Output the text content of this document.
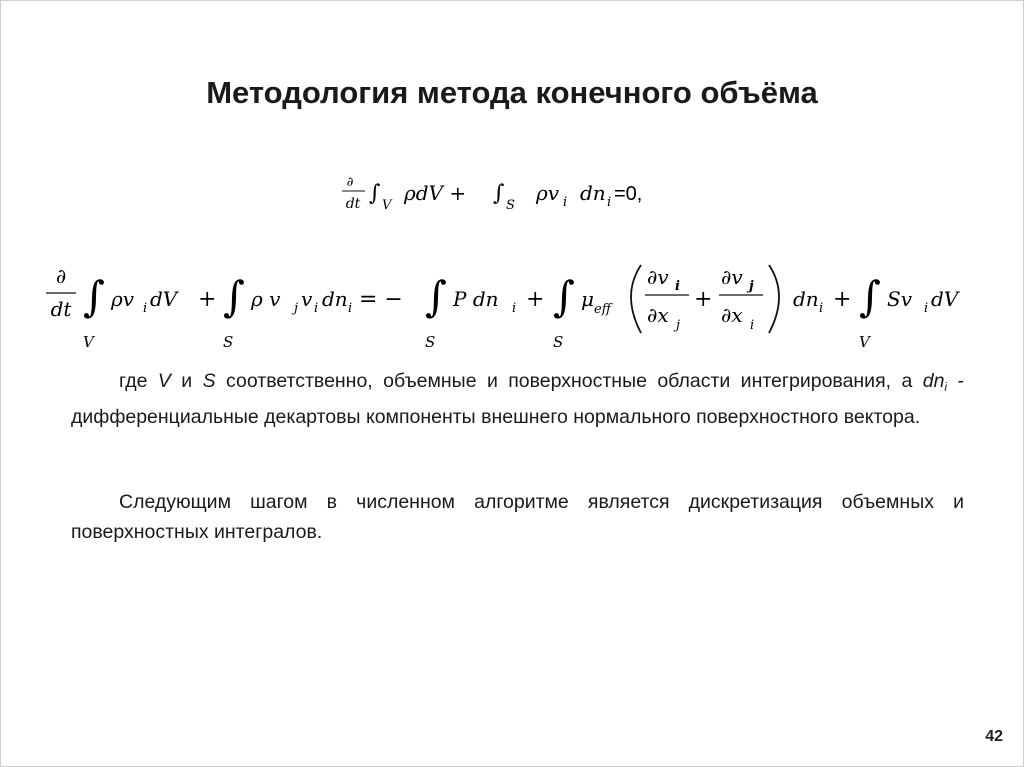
Методология метода конечного объёма
∂
dt ∫ V
ρdV + ∫ S
ρv i dn i =0,
∂
dt ∫
V
ρv i dV + ∫
S
ρ v j v i dn i = − ∫
S
P dn i + ∫
S
μ eff
∂v i
∂x j
+
∂v j
∂x i
dn i + ∫
V
Sv i dV
где V и S соответственно, объемные и поверхностные области интегрирования, а $dn_i$ - дифференциальные декартовы компоненты внешнего нормального поверхностного вектора.
Следующим шагом в численном алгоритме является дискретизация объемных и поверхностных интегралов.
42
